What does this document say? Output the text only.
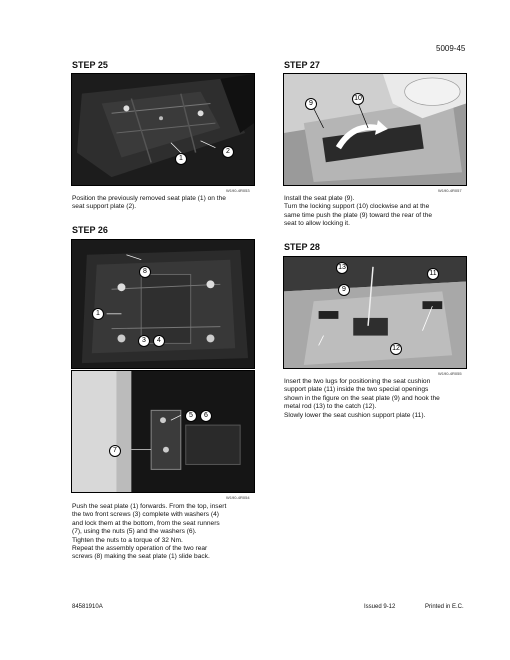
5009-45
STEP 25
1
2
W190-4R053
Position the previously removed seat plate (1) on the
seat support plate (2).
STEP 26
8
1
3	4
5	6
7
W190-4R054
Push the seat plate (1) forwards. From the top, insert
the two front screws (3) complete with washers (4)
and lock them at the bottom, from the seat runners
(7), using the nuts (5) and the washers (6).
Tighten the nuts to a torque of 32 Nm.
Repeat the assembly operation of the two rear
screws (8) making the seat plate (1) slide back.
STEP 27
9
10
W190-4R057
Install the seat plate (9).
Turn the locking support (10) clockwise and at the
same time push the plate (9) toward the rear of the
seat to allow locking it.
STEP 28
13
11
9
12
W190-4R055
Insert the two lugs for positioning the seat cushion
support plate (11) inside the two special openings
shown in the figure on the seat plate (9) and hook the
metal rod (13) to the catch (12).
Slowly lower the seat cushion support plate (11).
84581910A	Issued 9-12	Printed in E.C.
